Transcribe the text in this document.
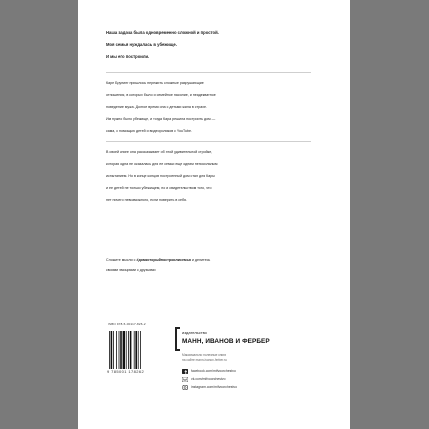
Наша задача была одновременно сложной и простой.

Моя семья нуждалась в убежище.

И мы его построили.

Каре Брунинг пришлось пережить сложные разрушающие

отношения, в которых было и семейное насилие, и неадекватное

поведение мужа. Долгое время она с детьми жила в страхе.

Им нужно было убежище, и тогда Кара решила построить дом —

сама, с помощью детей и видеороликов с YouTube.

В своей книге она рассказывает об этой удивительной стройке,

которая одна не оказалась для ее семьи еще одним непосильным

испытанием. Но в конце концов построенный дом стал для Кары

и ее детей не только убежищем, но и свидетельством того, что

нет ничего невозможного, если поверить в себя.

Сложите мысли с #домкоторыйпостроилисемья и делитесь

своими эмоциями с друзьями

ISBN 978-5-00117-826-2
9 785001 178262
издательство
МАНН, ИВАНОВ И ФЕРБЕР
Максимально полезные книги
на сайте mann-ivanov-ferber.ru
facebook.com/mifvoorchestvo
vk.com/mifvoorchestvo
instagram.com/mifvoorchestvo
